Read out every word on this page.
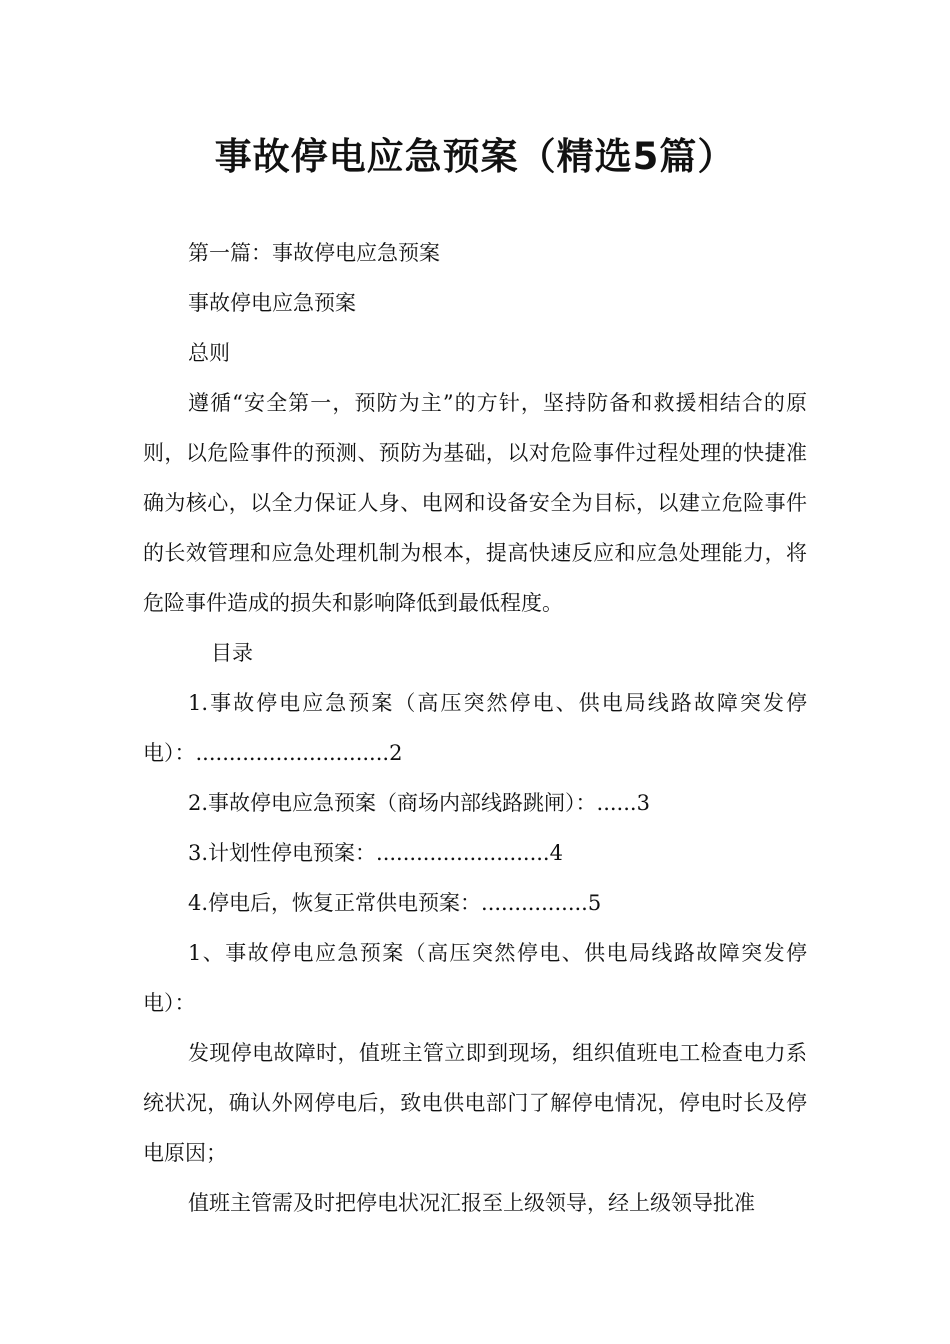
事故停电应急预案（精选5篇）

第一篇：事故停电应急预案

事故停电应急预案

总则

遵循“安全第一，预防为主”的方针，坚持防备和救援相结合的原则，以危险事件的预测、预防为基础，以对危险事件过程处理的快捷准确为核心，以全力保证人身、电网和设备安全为目标，以建立危险事件的长效管理和应急处理机制为根本，提高快速反应和应急处理能力，将危险事件造成的损失和影响降低到最低程度。

目录

1.事故停电应急预案（高压突然停电、供电局线路故障突发停电）：.............................2

2.事故停电应急预案（商场内部线路跳闸）：......3

3.计划性停电预案：..........................4

4.停电后，恢复正常供电预案：................5

1、事故停电应急预案（高压突然停电、供电局线路故障突发停电）：

发现停电故障时，值班主管立即到现场，组织值班电工检查电力系统状况，确认外网停电后，致电供电部门了解停电情况，停电时长及停电原因；

值班主管需及时把停电状况汇报至上级领导，经上级领导批准
